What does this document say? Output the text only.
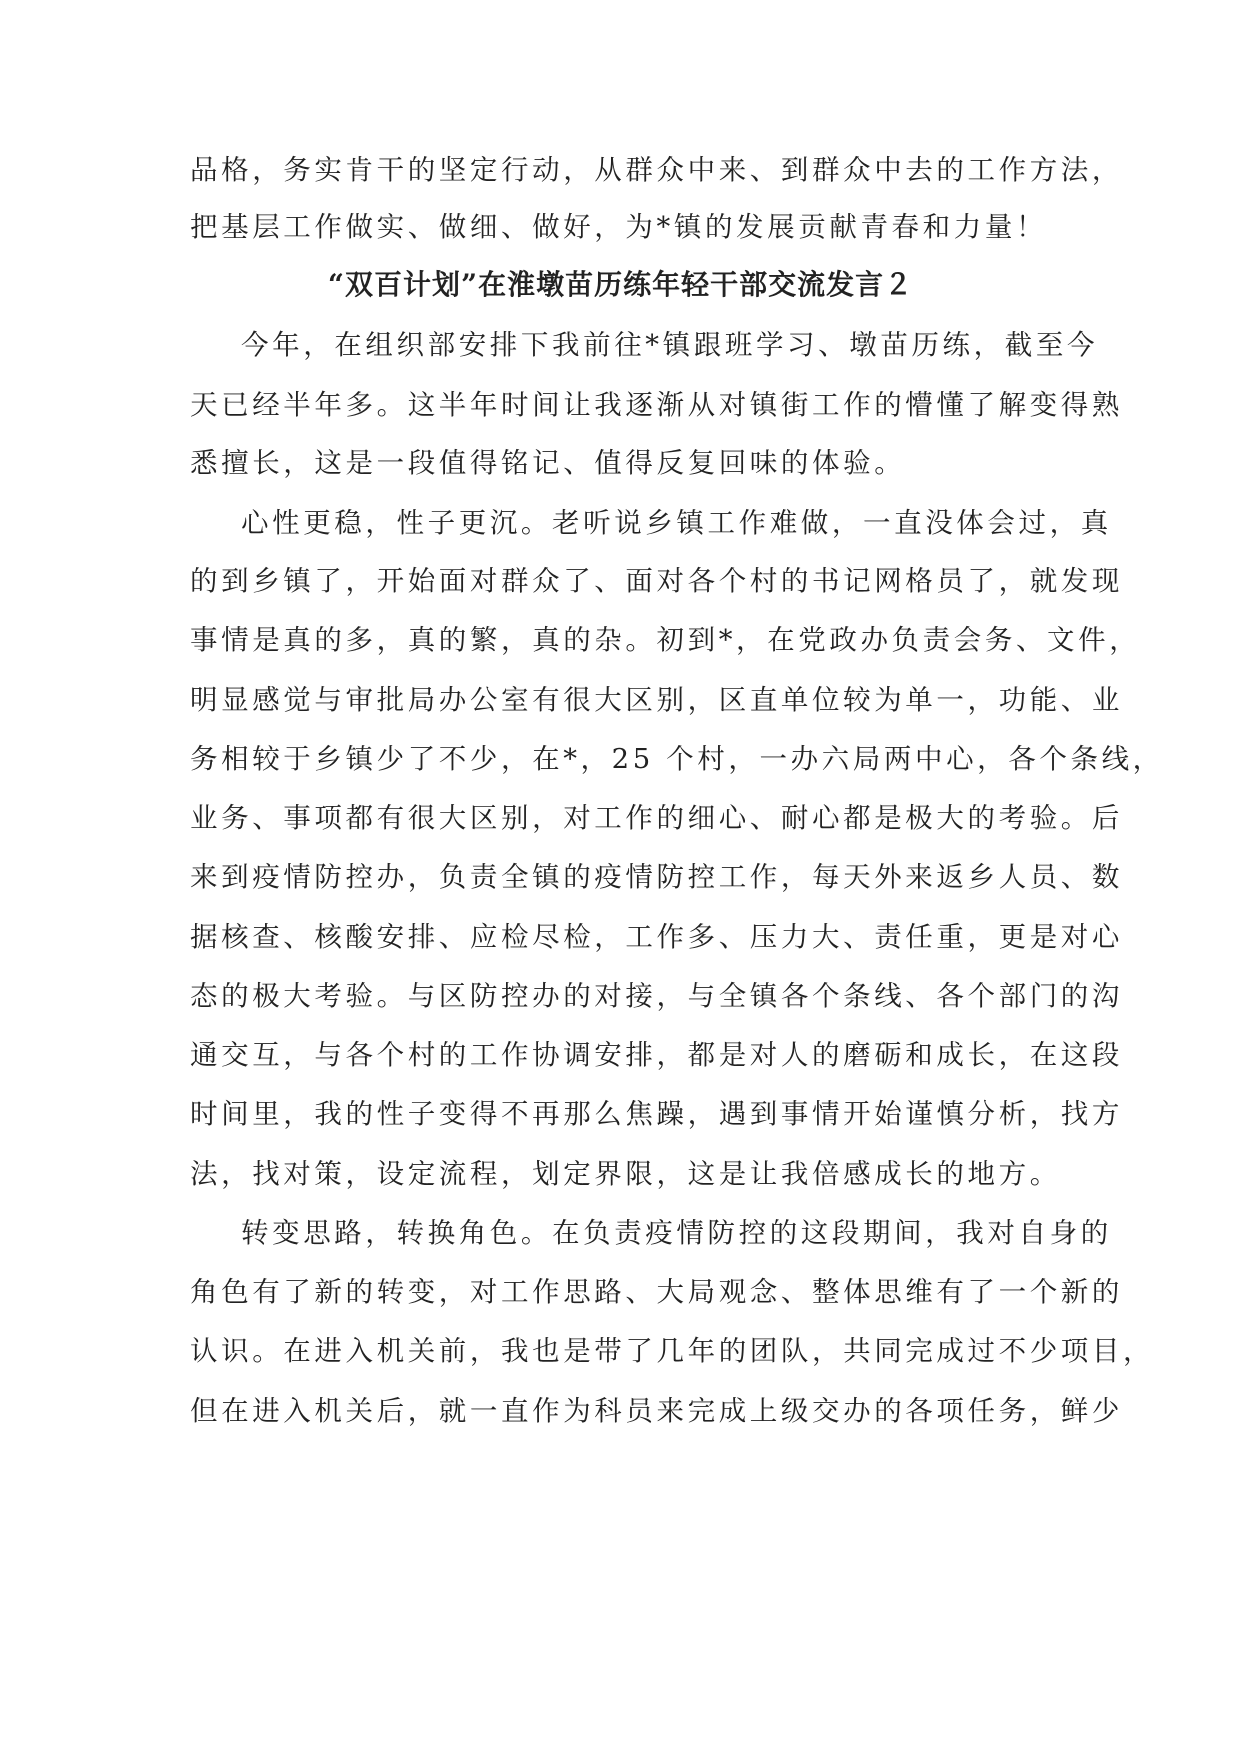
品格，务实肯干的坚定行动，从群众中来、到群众中去的工作方法，
把基层工作做实、做细、做好，为*镇的发展贡献青春和力量！
“双百计划”在淮墩苗历练年轻干部交流发言２
今年，在组织部安排下我前往*镇跟班学习、墩苗历练，截至今
天已经半年多。这半年时间让我逐渐从对镇街工作的懵懂了解变得熟
悉擅长，这是一段值得铭记、值得反复回味的体验。
心性更稳，性子更沉。老听说乡镇工作难做，一直没体会过，真
的到乡镇了，开始面对群众了、面对各个村的书记网格员了，就发现
事情是真的多，真的繁，真的杂。初到*，在党政办负责会务、文件，
明显感觉与审批局办公室有很大区别，区直单位较为单一，功能、业
务相较于乡镇少了不少，在*，25 个村，一办六局两中心，各个条线，
业务、事项都有很大区别，对工作的细心、耐心都是极大的考验。后
来到疫情防控办，负责全镇的疫情防控工作，每天外来返乡人员、数
据核查、核酸安排、应检尽检，工作多、压力大、责任重，更是对心
态的极大考验。与区防控办的对接，与全镇各个条线、各个部门的沟
通交互，与各个村的工作协调安排，都是对人的磨砺和成长，在这段
时间里，我的性子变得不再那么焦躁，遇到事情开始谨慎分析，找方
法，找对策，设定流程，划定界限，这是让我倍感成长的地方。
转变思路，转换角色。在负责疫情防控的这段期间，我对自身的
角色有了新的转变，对工作思路、大局观念、整体思维有了一个新的
认识。在进入机关前，我也是带了几年的团队，共同完成过不少项目，
但在进入机关后，就一直作为科员来完成上级交办的各项任务，鲜少
